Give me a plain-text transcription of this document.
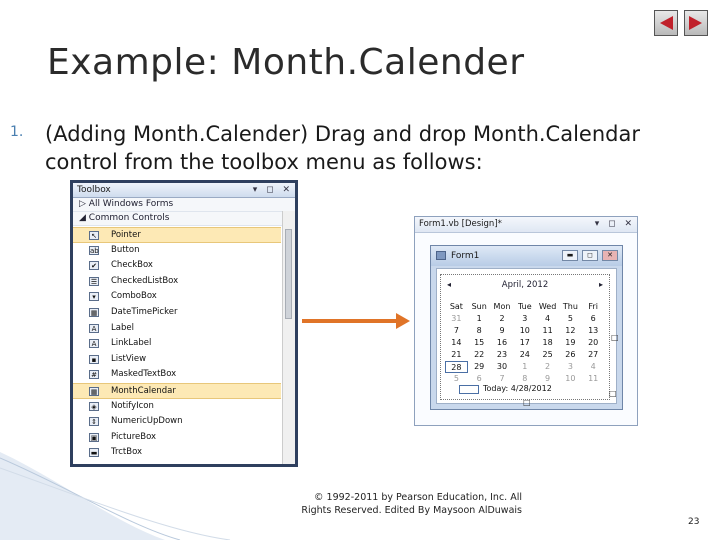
Example: Month.Calender
1. (Adding Month.Calender) Drag and drop Month.Calendar control from the toolbox menu as follows:
Toolbox	▾ ◻ ✕
▷ All Windows Forms
◢ Common Controls
↖ Pointer
ab Button
✔ CheckBox
☰ CheckedListBox
▾	ComboBox
▦ DateTimePicker
A	Label
A	LinkLabel
▪	ListView
# MaskedTextBox
▦ MonthCalendar
◈ NotifyIcon
⇕ NumericUpDown
▣ PictureBox
▬ TrctBox
Form1.vb [Design]*	▾ ◻ ✕
Form1	▬	◻	✕
◂	April, 2012	▸
Sat	Sun Mon Tue Wed Thu	Fri
31	1	2	3	4	5	6
7	8	9	10	11	12	13
14	15	16	17	18	19	20
21	22	23	24	25	26	27
28	29	30	1	2	3	4
5	6	7	8	9	10	11
Today: 4/28/2012
□
□
□
© 1992-2011 by Pearson Education, Inc. All Rights Reserved. Edited By Maysoon AlDuwais
23
